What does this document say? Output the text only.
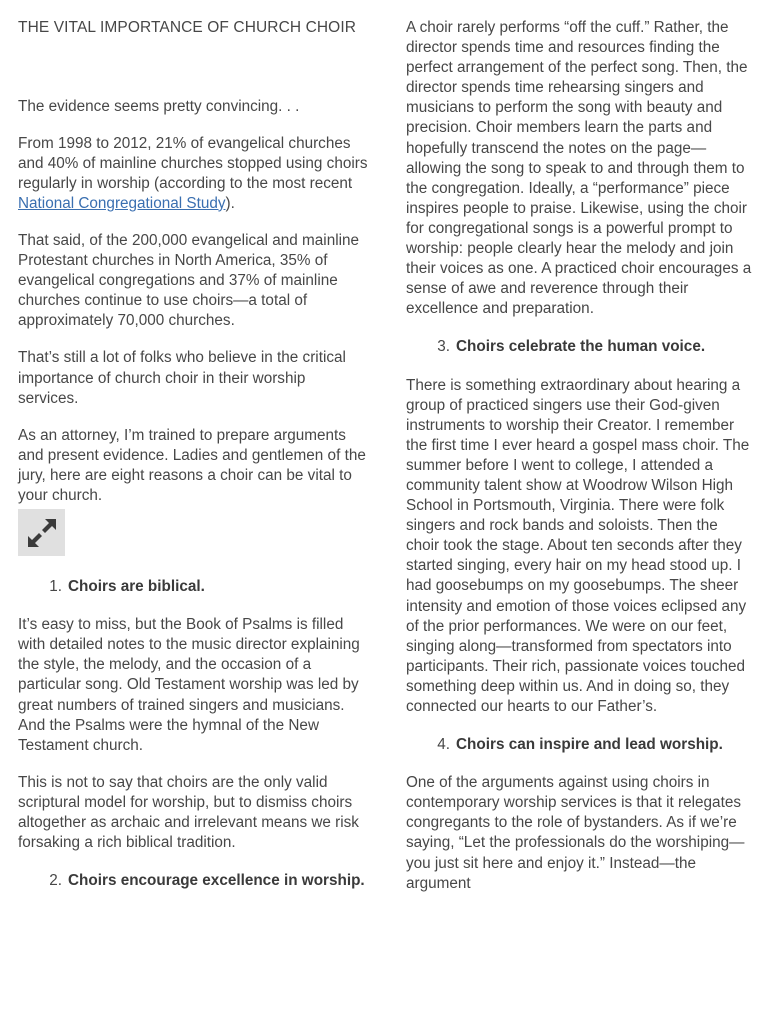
THE VITAL IMPORTANCE OF CHURCH CHOIR

The evidence seems pretty convincing. . .

From 1998 to 2012, 21% of evangelical churches and 40% of mainline churches stopped using choirs regularly in worship (according to the most recent National Congregational Study).

That said, of the 200,000 evangelical and mainline Protestant churches in North America, 35% of evangelical congregations and 37% of mainline churches continue to use choirs—a total of approximately 70,000 churches.

That’s still a lot of folks who believe in the critical importance of church choir in their worship services.

As an attorney, I’m trained to prepare arguments and present evidence. Ladies and gentlemen of the jury, here are eight reasons a choir can be vital to your church.

1. Choirs are biblical.

It’s easy to miss, but the Book of Psalms is filled with detailed notes to the music director explaining the style, the melody, and the occasion of a particular song. Old Testament worship was led by great numbers of trained singers and musicians. And the Psalms were the hymnal of the New Testament church.

This is not to say that choirs are the only valid scriptural model for worship, but to dismiss choirs altogether as archaic and irrelevant means we risk forsaking a rich biblical tradition.

2. Choirs encourage excellence in worship.

A choir rarely performs “off the cuff.” Rather, the director spends time and resources finding the perfect arrangement of the perfect song. Then, the director spends time rehearsing singers and musicians to perform the song with beauty and precision. Choir members learn the parts and hopefully transcend the notes on the page—allowing the song to speak to and through them to the congregation. Ideally, a “performance” piece inspires people to praise. Likewise, using the choir for congregational songs is a powerful prompt to worship: people clearly hear the melody and join their voices as one. A practiced choir encourages a sense of awe and reverence through their excellence and preparation.

3. Choirs celebrate the human voice.

There is something extraordinary about hearing a group of practiced singers use their God-given instruments to worship their Creator. I remember the first time I ever heard a gospel mass choir. The summer before I went to college, I attended a community talent show at Woodrow Wilson High School in Portsmouth, Virginia. There were folk singers and rock bands and soloists. Then the choir took the stage. About ten seconds after they started singing, every hair on my head stood up. I had goosebumps on my goosebumps. The sheer intensity and emotion of those voices eclipsed any of the prior performances. We were on our feet, singing along—transformed from spectators into participants. Their rich, passionate voices touched something deep within us. And in doing so, they connected our hearts to our Father’s.

4. Choirs can inspire and lead worship.

One of the arguments against using choirs in contemporary worship services is that it relegates congregants to the role of bystanders. As if we’re saying, “Let the professionals do the worshiping—you just sit here and enjoy it.” Instead—the argument
